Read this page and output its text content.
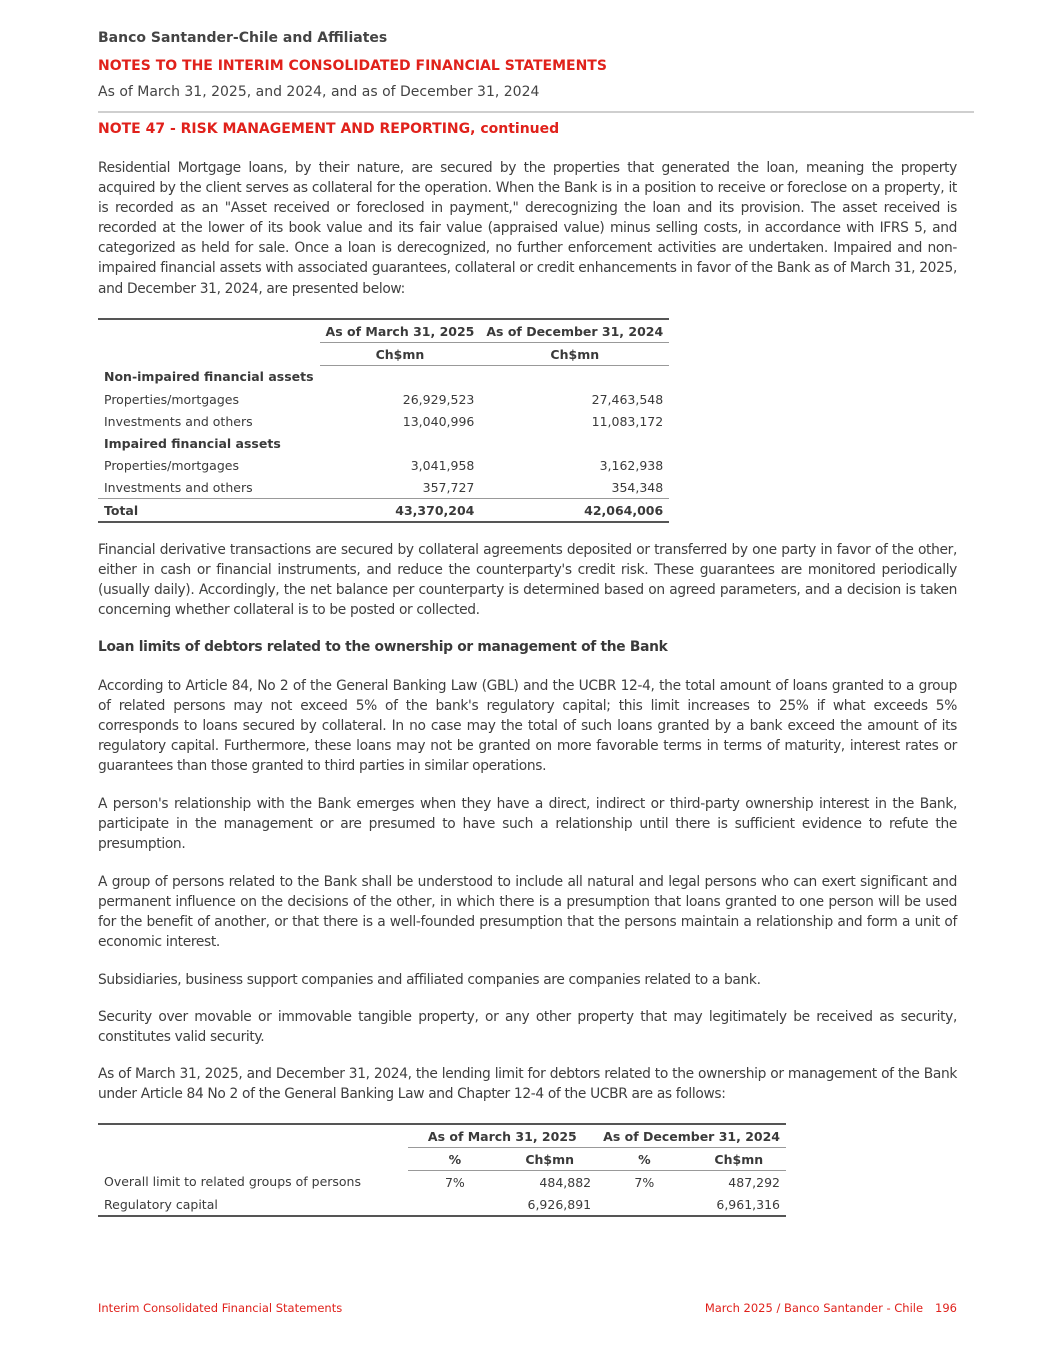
Banco Santander-Chile and Affiliates
NOTES TO THE INTERIM CONSOLIDATED FINANCIAL STATEMENTS
As of March 31, 2025, and 2024, and as of December 31, 2024
NOTE 47 - RISK MANAGEMENT AND REPORTING, continued

Residential Mortgage loans, by their nature, are secured by the properties that generated the loan, meaning the property acquired by the client serves as collateral for the operation. When the Bank is in a position to receive or foreclose on a property, it is recorded as an "Asset received or foreclosed in payment," derecognizing the loan and its provision. The asset received is recorded at the lower of its book value and its fair value (appraised value) minus selling costs, in accordance with IFRS 5, and categorized as held for sale. Once a loan is derecognized, no further enforcement activities are undertaken. Impaired and non-impaired financial assets with associated guarantees, collateral or credit enhancements in favor of the Bank as of March 31, 2025, and December 31, 2024, are presented below:

	As of March 31, 2025	As of December 31, 2024
	Ch$mn	Ch$mn
Non-impaired financial assets		
Properties/mortgages	26,929,523	27,463,548
Investments and others	13,040,996	11,083,172
Impaired financial assets		
Properties/mortgages	3,041,958	3,162,938
Investments and others	357,727	354,348
Total	43,370,204	42,064,006

Financial derivative transactions are secured by collateral agreements deposited or transferred by one party in favor of the other, either in cash or financial instruments, and reduce the counterparty's credit risk. These guarantees are monitored periodically (usually daily). Accordingly, the net balance per counterparty is determined based on agreed parameters, and a decision is taken concerning whether collateral is to be posted or collected.

Loan limits of debtors related to the ownership or management of the Bank

According to Article 84, No 2 of the General Banking Law (GBL) and the UCBR 12-4, the total amount of loans granted to a group of related persons may not exceed 5% of the bank's regulatory capital; this limit increases to 25% if what exceeds 5% corresponds to loans secured by collateral. In no case may the total of such loans granted by a bank exceed the amount of its regulatory capital. Furthermore, these loans may not be granted on more favorable terms in terms of maturity, interest rates or guarantees than those granted to third parties in similar operations.

A person's relationship with the Bank emerges when they have a direct, indirect or third-party ownership interest in the Bank, participate in the management or are presumed to have such a relationship until there is sufficient evidence to refute the presumption.

A group of persons related to the Bank shall be understood to include all natural and legal persons who can exert significant and permanent influence on the decisions of the other, in which there is a presumption that loans granted to one person will be used for the benefit of another, or that there is a well-founded presumption that the persons maintain a relationship and form a unit of economic interest.

Subsidiaries, business support companies and affiliated companies are companies related to a bank.

Security over movable or immovable tangible property, or any other property that may legitimately be received as security, constitutes valid security.

As of March 31, 2025, and December 31, 2024, the lending limit for debtors related to the ownership or management of the Bank under Article 84 No 2 of the General Banking Law and Chapter 12-4 of the UCBR are as follows:

	As of March 31, 2025		As of December 31, 2024	
	%	Ch$mn	%	Ch$mn
Overall limit to related groups of persons	7%	484,882	7%	487,292
Regulatory capital		6,926,891		6,961,316
Interim Consolidated Financial Statements	March 2025 / Banco Santander - Chile 196
